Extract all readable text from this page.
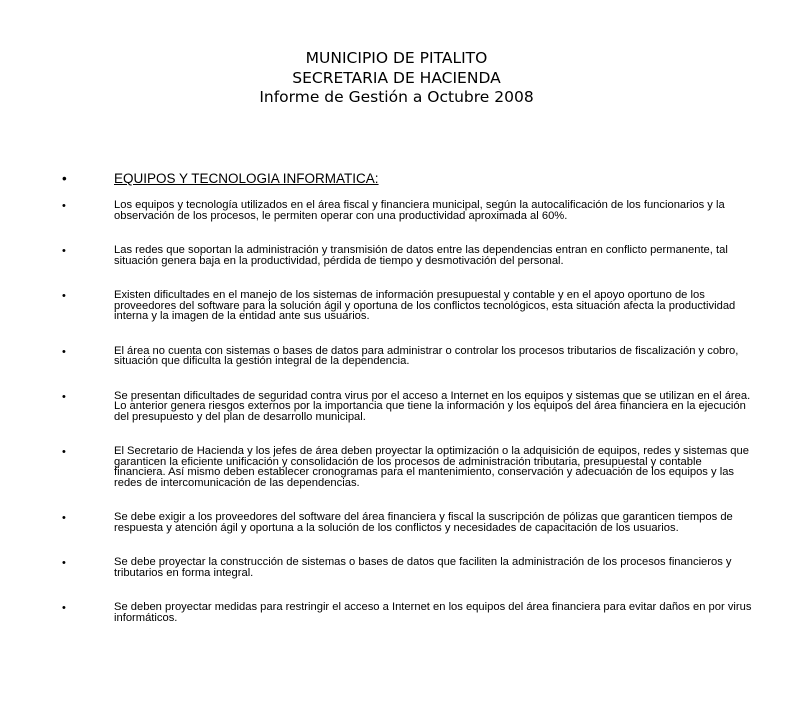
MUNICIPIO DE PITALITO
SECRETARIA DE HACIENDA
Informe de Gestión a Octubre 2008
•	EQUIPOS Y TECNOLOGIA INFORMATICA:
•	Los equipos y tecnología utilizados en el área fiscal y financiera municipal, según la autocalificación de los funcionarios y la observación de los procesos, le permiten operar con una productividad aproximada al 60%.
•	Las redes que soportan la administración y transmisión de datos entre las dependencias entran en conflicto permanente, tal situación genera baja en la productividad, pérdida de tiempo y desmotivación del personal.
•	Existen dificultades en el manejo de los sistemas de información presupuestal y contable y en el apoyo oportuno de los proveedores del software para la solución ágil y oportuna de los conflictos tecnológicos, esta situación afecta la productividad interna y la imagen de la entidad ante sus usuarios.
•	El área no cuenta con sistemas o bases de datos para administrar o controlar los procesos tributarios de fiscalización y cobro, situación que dificulta la gestión integral de la dependencia.
•	Se presentan dificultades de seguridad contra virus por el acceso a Internet en los equipos y sistemas que se utilizan en el área. Lo anterior genera riesgos externos por la importancia que tiene la información y los equipos del área financiera en la ejecución del presupuesto y del plan de desarrollo municipal.
•	El Secretario de Hacienda y los jefes de área deben proyectar la optimización o la adquisición de equipos, redes y sistemas que garanticen la eficiente unificación y consolidación de los procesos de administración tributaria, presupuestal y contable financiera. Así mismo deben establecer cronogramas para el mantenimiento, conservación y adecuación de los equipos y las redes de intercomunicación de las dependencias.
•	Se debe exigir a los proveedores del software del área financiera y fiscal la suscripción de pólizas que garanticen tiempos de respuesta y atención ágil y oportuna a la solución de los conflictos y necesidades de capacitación de los usuarios.
•	Se debe proyectar la construcción de sistemas o bases de datos que faciliten la administración de los procesos financieros y tributarios en forma integral.
•	Se deben proyectar medidas para restringir el acceso a Internet en los equipos del área financiera para evitar daños en por virus informáticos.
